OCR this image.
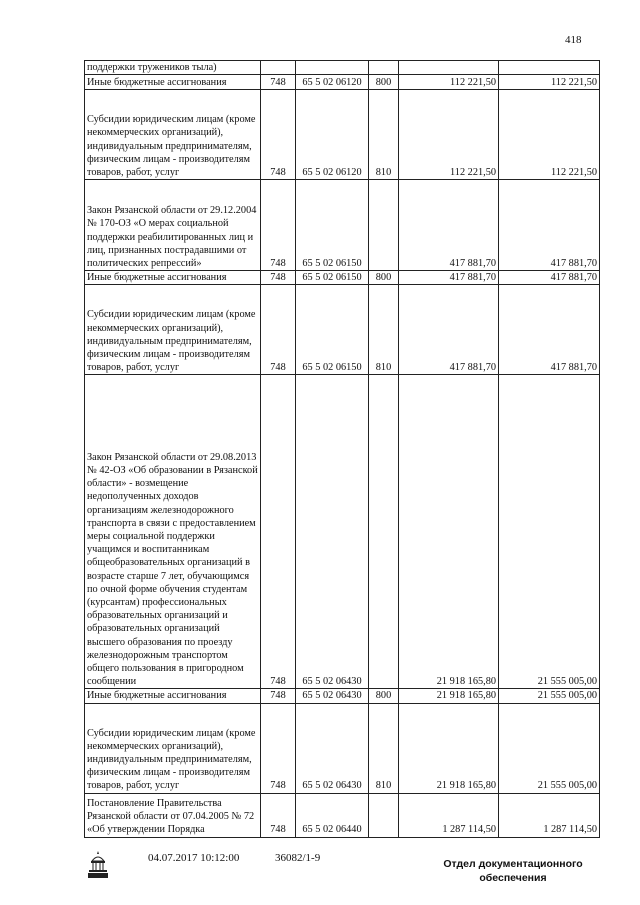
418
поддержки тружеников тыла)					
Иные бюджетные ассигнования	748	65 5 02 06120	800	112 221,50	112 221,50
Субсидии юридическим лицам (кроме некоммерческих организаций), индивидуальным предпринимателям, физическим лицам - производителям товаров, работ, услуг	748	65 5 02 06120	810	112 221,50	112 221,50
Закон Рязанской области от 29.12.2004 № 170-ОЗ «О мерах социальной поддержки реабилитированных лиц и лиц, признанных пострадавшими от политических репрессий»	748	65 5 02 06150		417 881,70	417 881,70
Иные бюджетные ассигнования	748	65 5 02 06150	800	417 881,70	417 881,70
Субсидии юридическим лицам (кроме некоммерческих организаций), индивидуальным предпринимателям, физическим лицам - производителям товаров, работ, услуг	748	65 5 02 06150	810	417 881,70	417 881,70
Закон Рязанской области от 29.08.2013 № 42-ОЗ «Об образовании в Рязанской области» - возмещение недополученных доходов организациям железнодорожного транспорта в связи с предоставлением меры социальной поддержки учащимся и воспитанникам общеобразовательных организаций в возрасте старше 7 лет, обучающимся по очной форме обучения студентам (курсантам) профессиональных образовательных организаций и образовательных организаций высшего образования по проезду железнодорожным транспортом общего пользования в пригородном сообщении	748	65 5 02 06430		21 918 165,80	21 555 005,00
Иные бюджетные ассигнования	748	65 5 02 06430	800	21 918 165,80	21 555 005,00
Субсидии юридическим лицам (кроме некоммерческих организаций), индивидуальным предпринимателям, физическим лицам - производителям товаров, работ, услуг	748	65 5 02 06430	810	21 918 165,80	21 555 005,00
Постановление Правительства Рязанской области от 07.04.2005 № 72 «Об утверждении Порядка	748	65 5 02 06440		1 287 114,50	1 287 114,50
04.07.2017 10:12:00	36082/1-9	Отдел документационного
обеспечения
